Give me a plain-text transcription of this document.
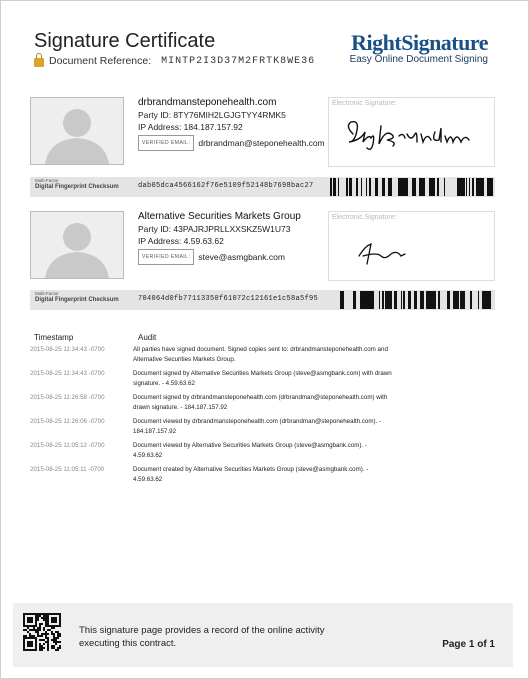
Signature Certificate
Document Reference: MINTP2I3D37M2FRTK8WE36
RightSignature
Easy Online Document Signing
drbrandmansteponehealth.com
Party ID: 8TY76MIH2LGJGTYY4RMK5
IP Address: 184.187.157.92
VERIFIED EMAIL: drbrandman@steponehealth.com
Electronic Signature:
Multi-Factor
Digital Fingerprint Checksum	dab05dca4566162f76e5109f52148b7698bac27
Alternative Securities Markets Group
Party ID: 43PAJRJPRLLXXSKZ5W1U73
IP Address: 4.59.63.62
VERIFIED EMAIL: steve@asmgbank.com
Electronic Signature:
Multi-Factor
Digital Fingerprint Checksum	704064d0fb77113350f61072c12161e1c58a5f95
Timestamp	Audit
2015-08-25 11:34:43 -0700	All parties have signed document. Signed copies sent to: drbrandmansteponehealth.com and Alternative Securities Markets Group.
2015-08-25 11:34:43 -0700	Document signed by Alternative Securities Markets Group (steve@asmgbank.com) with drawn signature. - 4.59.63.62
2015-08-25 11:26:58 -0700	Document signed by drbrandmansteponehealth.com (drbrandman@steponehealth.com) with drawn signature. - 184.187.157.92
2015-08-25 11:26:06 -0700	Document viewed by drbrandmansteponehealth.com (drbrandman@steponehealth.com). - 184.187.157.92
2015-08-25 11:05:12 -0700	Document viewed by Alternative Securities Markets Group (steve@asmgbank.com). - 4.59.63.62
2015-08-25 11:05:11 -0700	Document created by Alternative Securities Markets Group (steve@asmgbank.com). - 4.59.63.62
This signature page provides a record of the online activity executing this contract.	Page 1 of 1
